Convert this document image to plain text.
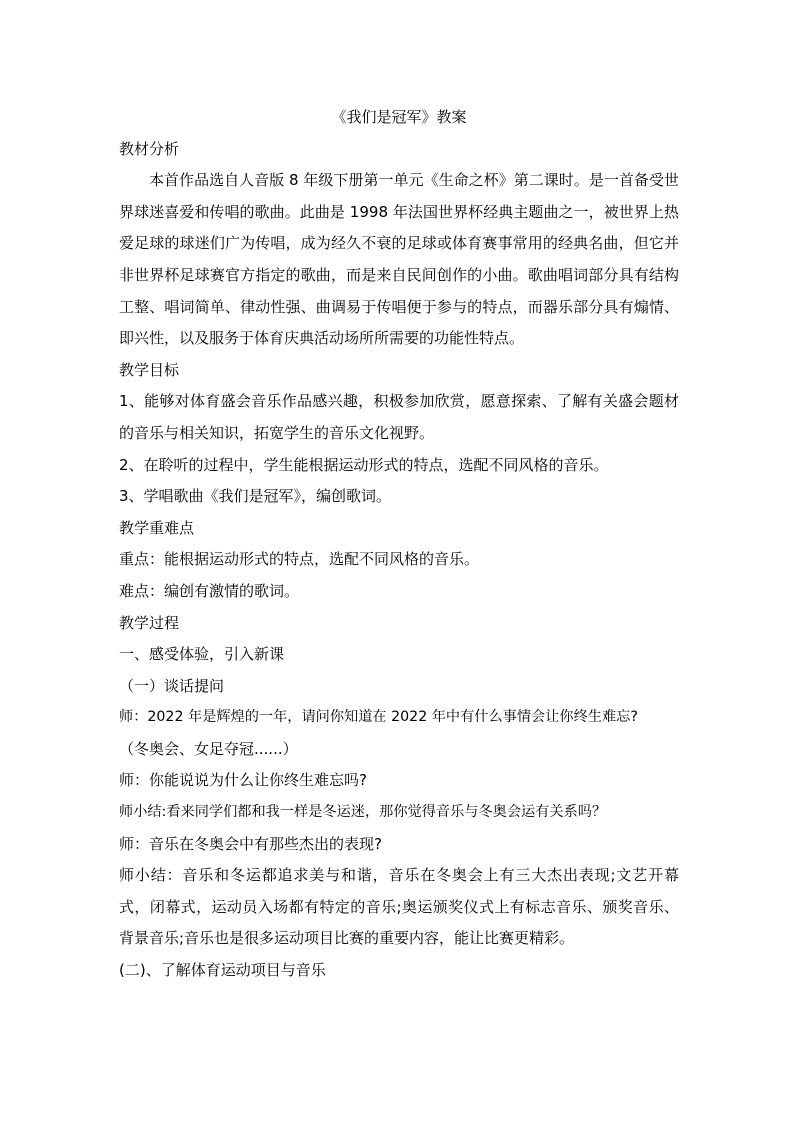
《我们是冠军》教案

教材分析

本首作品选自人音版 8 年级下册第一单元《生命之杯》第二课时。是一首备受世界球迷喜爱和传唱的歌曲。此曲是 1998 年法国世界杯经典主题曲之一，被世界上热爱足球的球迷们广为传唱，成为经久不衰的足球或体育赛事常用的经典名曲，但它并非世界杯足球赛官方指定的歌曲，而是来自民间创作的小曲。歌曲唱词部分具有结构工整、唱词简单、律动性强、曲调易于传唱便于参与的特点，而器乐部分具有煽情、即兴性，以及服务于体育庆典活动场所所需要的功能性特点。

教学目标

1、能够对体育盛会音乐作品感兴趣，积极参加欣赏，愿意探索、了解有关盛会题材的音乐与相关知识，拓宽学生的音乐文化视野。

2、在聆听的过程中，学生能根据运动形式的特点，选配不同风格的音乐。

3、学唱歌曲《我们是冠军》，编创歌词。

教学重难点

重点：能根据运动形式的特点，选配不同风格的音乐。

难点：编创有激情的歌词。

教学过程

一、感受体验，引入新课

（一）谈话提问

师：2022 年是辉煌的一年，请问你知道在 2022 年中有什么事情会让你终生难忘?

（冬奥会、女足夺冠......）

师：你能说说为什么让你终生难忘吗?

师小结:看来同学们都和我一样是冬运迷，那你觉得音乐与冬奥会运有关系吗？

师：音乐在冬奥会中有那些杰出的表现?

师小结：音乐和冬运都追求美与和谐，音乐在冬奥会上有三大杰出表现;文艺开幕式，闭幕式，运动员入场都有特定的音乐;奥运颁奖仪式上有标志音乐、颁奖音乐、背景音乐;音乐也是很多运动项目比赛的重要内容，能让比赛更精彩。

(二)、了解体育运动项目与音乐
